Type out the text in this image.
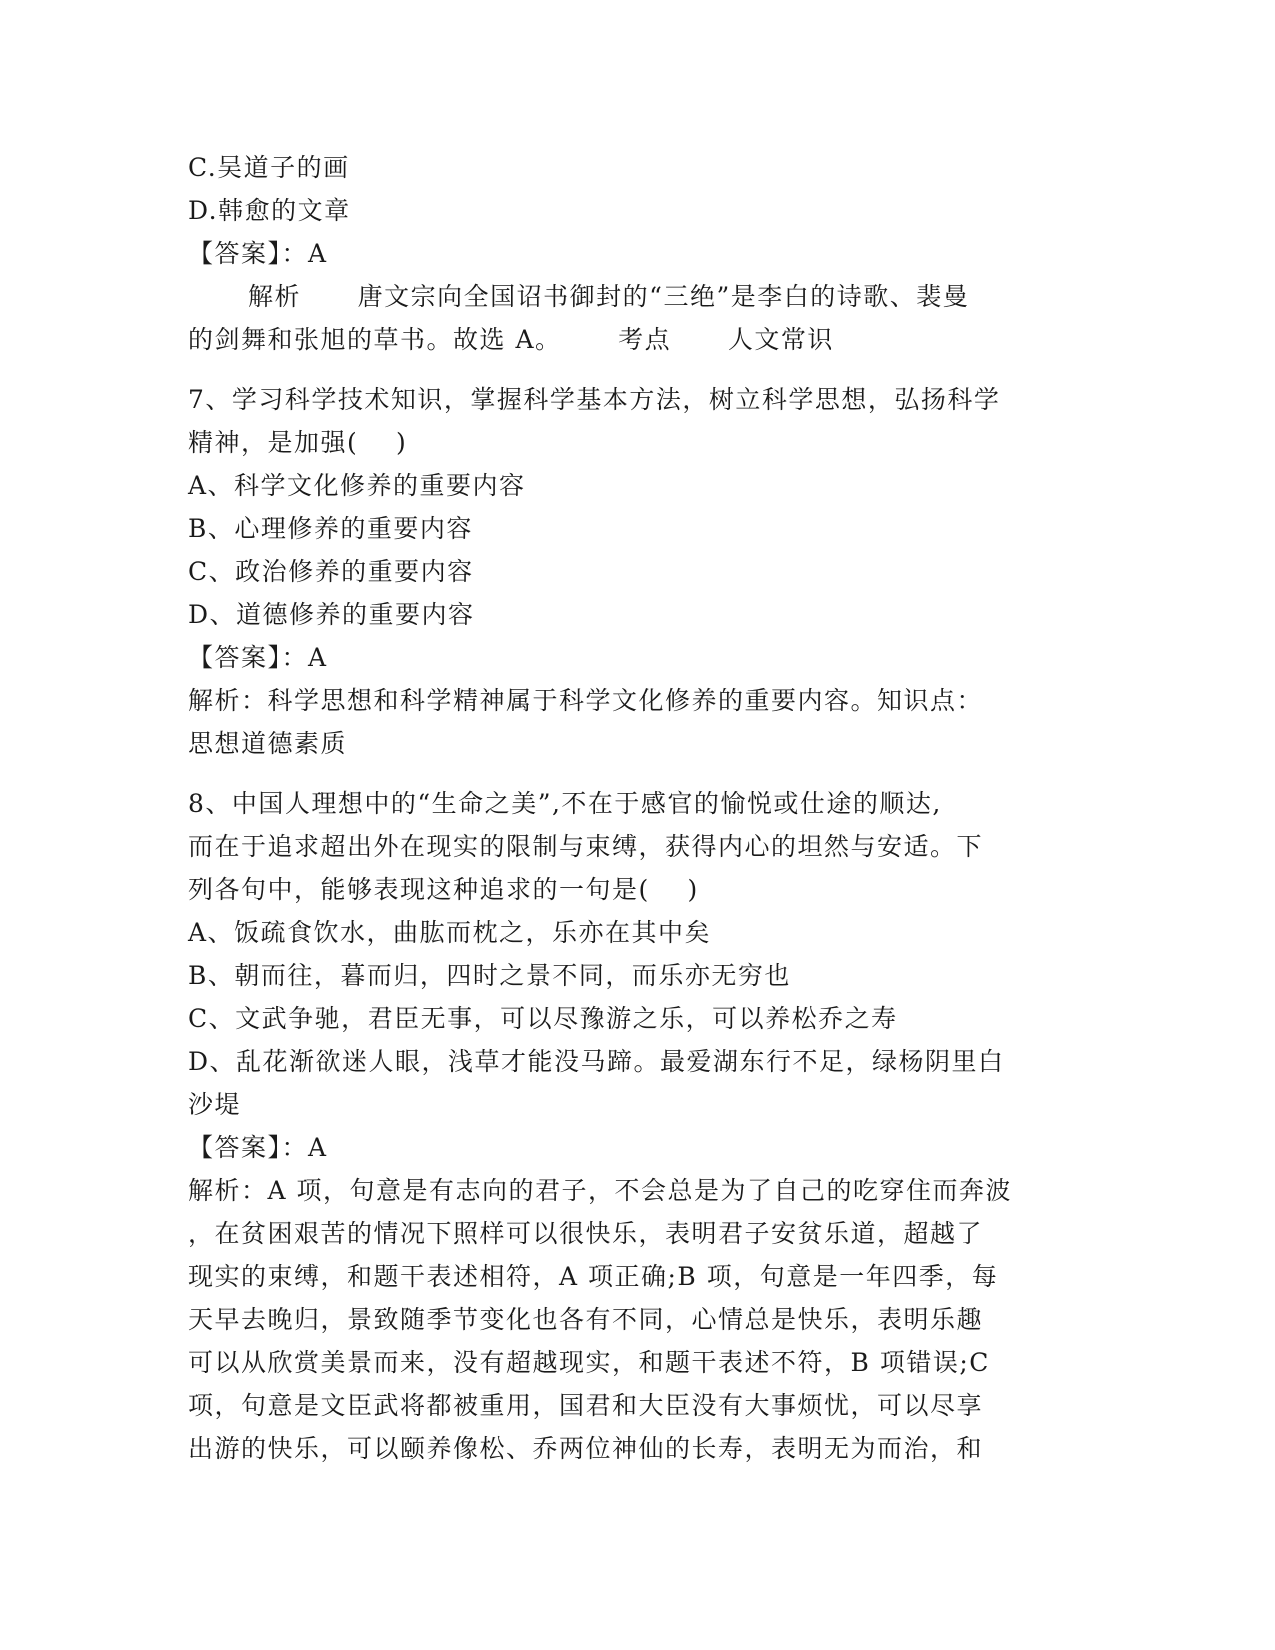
C.吴道子的画
D.韩愈的文章
【答案】：A
解析      唐文宗向全国诏书御封的“三绝”是李白的诗歌、裴曼
的剑舞和张旭的草书。故选 A。      考点      人文常识
7、学习科学技术知识，掌握科学基本方法，树立科学思想，弘扬科学
精神，是加强(    )
A、科学文化修养的重要内容
B、心理修养的重要内容
C、政治修养的重要内容
D、道德修养的重要内容
【答案】：A
解析：科学思想和科学精神属于科学文化修养的重要内容。知识点：
思想道德素质
8、中国人理想中的“生命之美”,不在于感官的愉悦或仕途的顺达,
而在于追求超出外在现实的限制与束缚，获得内心的坦然与安适。下
列各句中，能够表现这种追求的一句是(    )
A、饭疏食饮水，曲肱而枕之，乐亦在其中矣
B、朝而往，暮而归，四时之景不同，而乐亦无穷也
C、文武争驰，君臣无事，可以尽豫游之乐，可以养松乔之寿
D、乱花渐欲迷人眼，浅草才能没马蹄。最爱湖东行不足，绿杨阴里白
沙堤
【答案】：A
解析：A 项，句意是有志向的君子，不会总是为了自己的吃穿住而奔波
，在贫困艰苦的情况下照样可以很快乐，表明君子安贫乐道，超越了
现实的束缚，和题干表述相符，A 项正确;B 项，句意是一年四季，每
天早去晚归，景致随季节变化也各有不同，心情总是快乐，表明乐趣
可以从欣赏美景而来，没有超越现实，和题干表述不符，B 项错误;C
项，句意是文臣武将都被重用，国君和大臣没有大事烦忧，可以尽享
出游的快乐，可以颐养像松、乔两位神仙的长寿，表明无为而治，和
